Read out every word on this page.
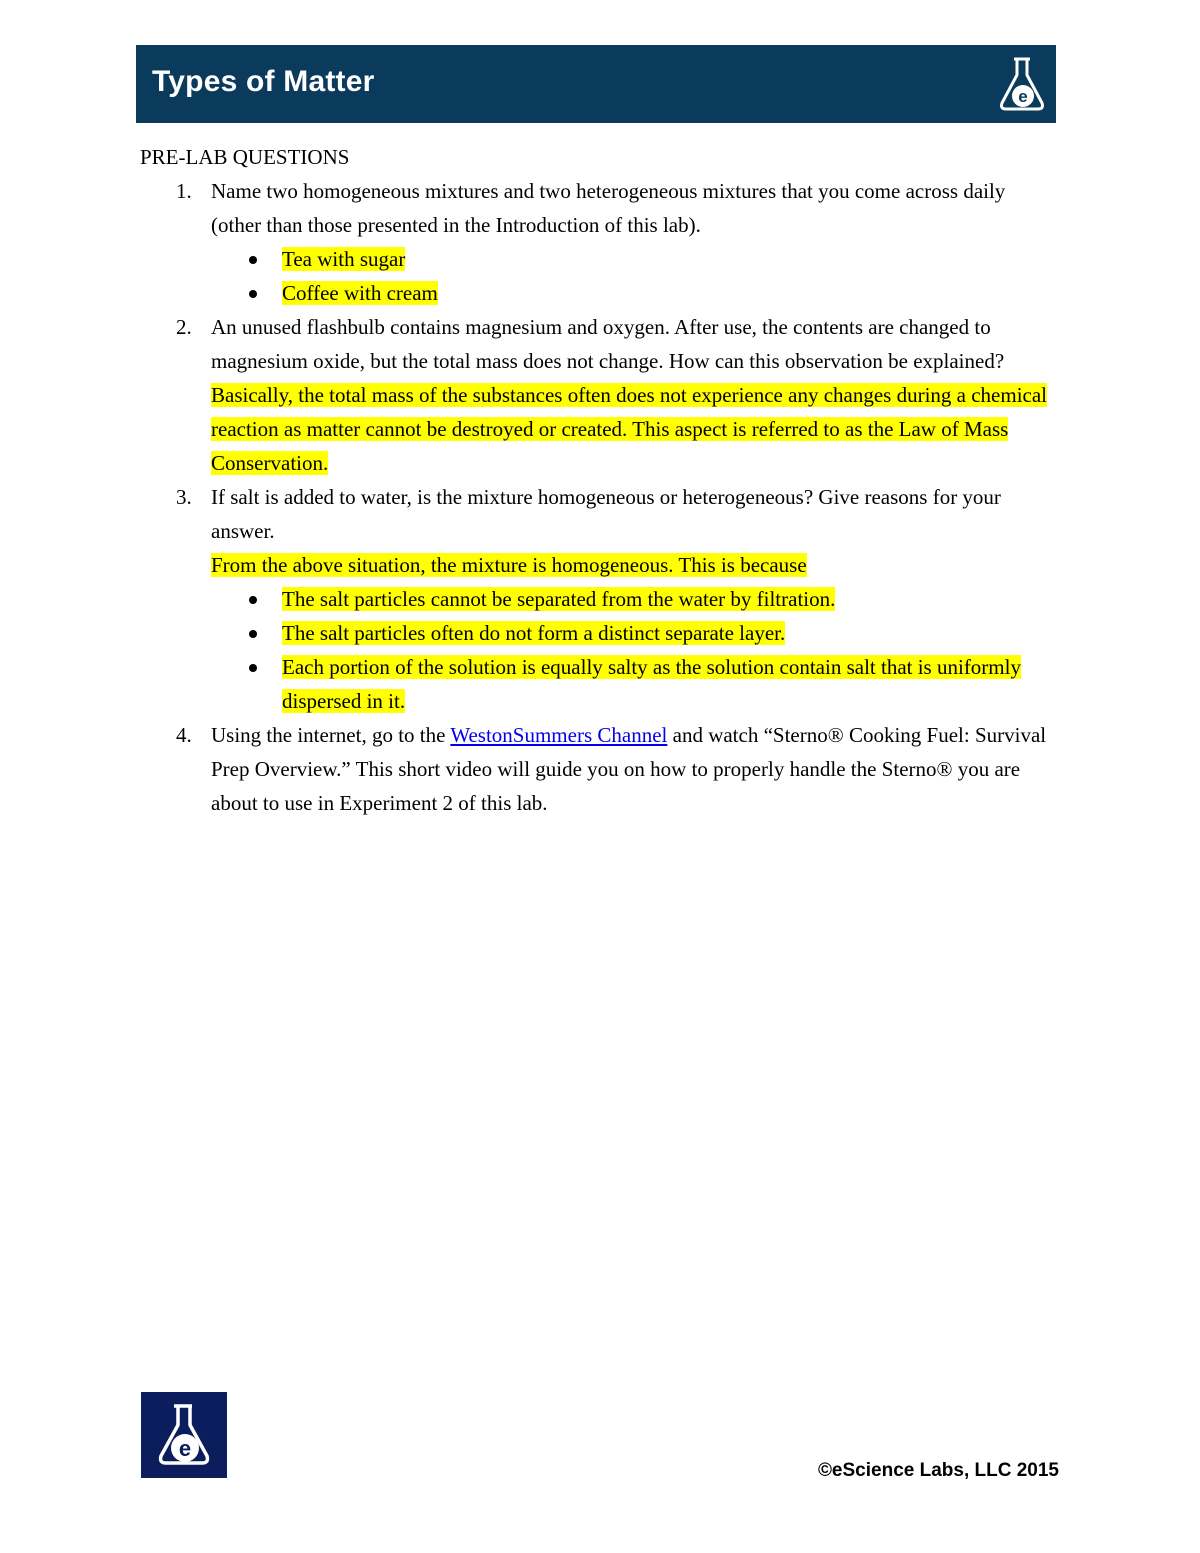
Types of Matter	e
PRE-LAB QUESTIONS
1. Name two homogeneous mixtures and two heterogeneous mixtures that you come across daily (other than those presented in the Introduction of this lab).
Tea with sugar
Coffee with cream
2. An unused flashbulb contains magnesium and oxygen. After use, the contents are changed to magnesium oxide, but the total mass does not change. How can this observation be explained?
Basically, the total mass of the substances often does not experience any changes during a chemical reaction as matter cannot be destroyed or created. This aspect is referred to as the Law of Mass Conservation.
3. If salt is added to water, is the mixture homogeneous or heterogeneous? Give reasons for your answer.
From the above situation, the mixture is homogeneous. This is because
The salt particles cannot be separated from the water by filtration.
The salt particles often do not form a distinct separate layer.
Each portion of the solution is equally salty as the solution contain salt that is uniformly dispersed in it.
4. Using the internet, go to the WestonSummers Channel and watch “Sterno® Cooking Fuel: Survival Prep Overview.” This short video will guide you on how to properly handle the Sterno® you are about to use in Experiment 2 of this lab.
e
©eScience Labs, LLC 2015
